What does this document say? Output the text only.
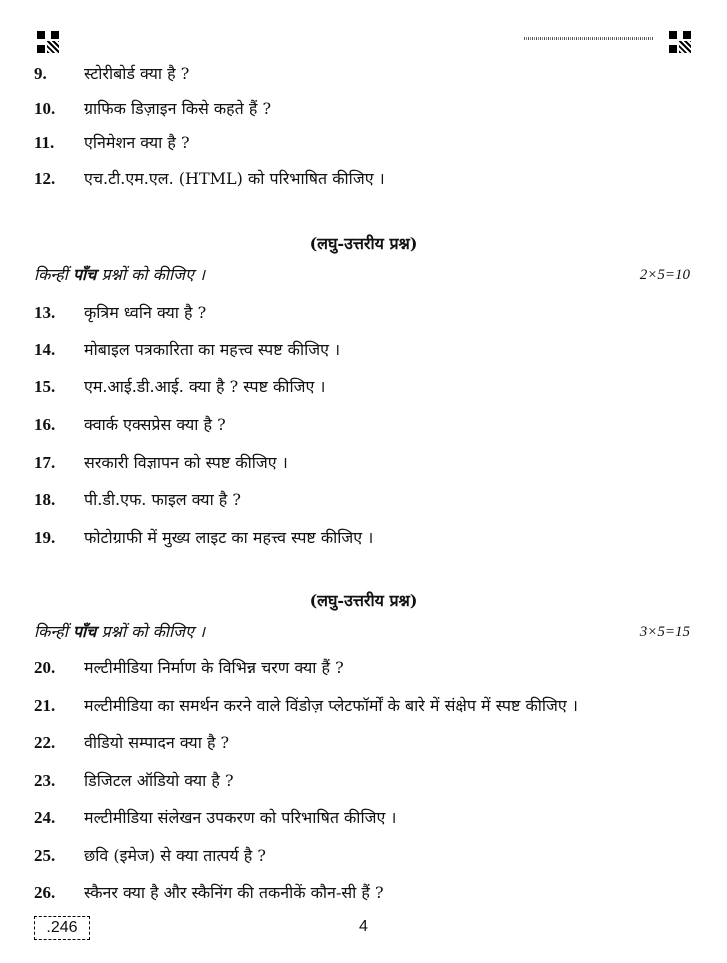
9.	स्टोरीबोर्ड क्या है ?
10.	ग्राफिक डिज़ाइन किसे कहते हैं ?
11.	एनिमेशन क्या है ?
12.	एच.टी.एम.एल. (HTML) को परिभाषित कीजिए ।
(लघु-उत्तरीय प्रश्न)
किन्हीं पाँच प्रश्नों को कीजिए ।	2×5=10
13.	कृत्रिम ध्वनि क्या है ?
14.	मोबाइल पत्रकारिता का महत्त्व स्पष्ट कीजिए ।
15.	एम.आई.डी.आई. क्या है ? स्पष्ट कीजिए ।
16.	क्वार्क एक्सप्रेस क्या है ?
17.	सरकारी विज्ञापन को स्पष्ट कीजिए ।
18.	पी.डी.एफ. फाइल क्या है ?
19.	फोटोग्राफी में मुख्य लाइट का महत्त्व स्पष्ट कीजिए ।
(लघु-उत्तरीय प्रश्न)
किन्हीं पाँच प्रश्नों को कीजिए ।	3×5=15
20.	मल्टीमीडिया निर्माण के विभिन्न चरण क्या हैं ?
21.	मल्टीमीडिया का समर्थन करने वाले विंडोज़ प्लेटफॉर्मों के बारे में संक्षेप में स्पष्ट कीजिए ।
22.	वीडियो सम्पादन क्या है ?
23.	डिजिटल ऑडियो क्या है ?
24.	मल्टीमीडिया संलेखन उपकरण को परिभाषित कीजिए ।
25.	छवि (इमेज) से क्या तात्पर्य है ?
26.	स्कैनर क्या है और स्कैनिंग की तकनीकें कौन-सी हैं ?
.246	4
